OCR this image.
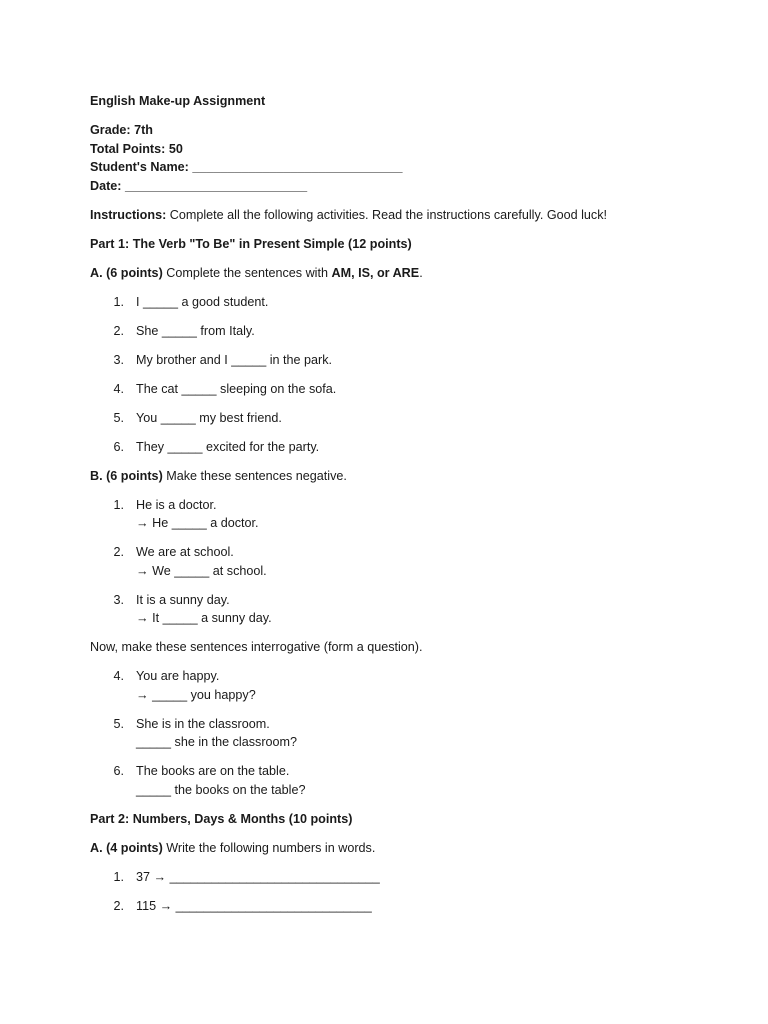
English Make-up Assignment
Grade: 7th
Total Points: 50
Student's Name: ______________________________
Date: __________________________
Instructions: Complete all the following activities. Read the instructions carefully. Good luck!
Part 1: The Verb "To Be" in Present Simple (12 points)
A. (6 points) Complete the sentences with AM, IS, or ARE.
1. I _____ a good student.
2. She _____ from Italy.
3. My brother and I _____ in the park.
4. The cat _____ sleeping on the sofa.
5. You _____ my best friend.
6. They _____ excited for the party.
B. (6 points) Make these sentences negative.
1. He is a doctor.
→ He _____ a doctor.
2. We are at school.
→ We _____ at school.
3. It is a sunny day.
→ It _____ a sunny day.
Now, make these sentences interrogative (form a question).
4. You are happy.
→ _____ you happy?
5. She is in the classroom.
_____ she in the classroom?
6. The books are on the table.
_____ the books on the table?
Part 2: Numbers, Days & Months (10 points)
A. (4 points) Write the following numbers in words.
1. 37 → ______________________________
2. 115 → ____________________________
